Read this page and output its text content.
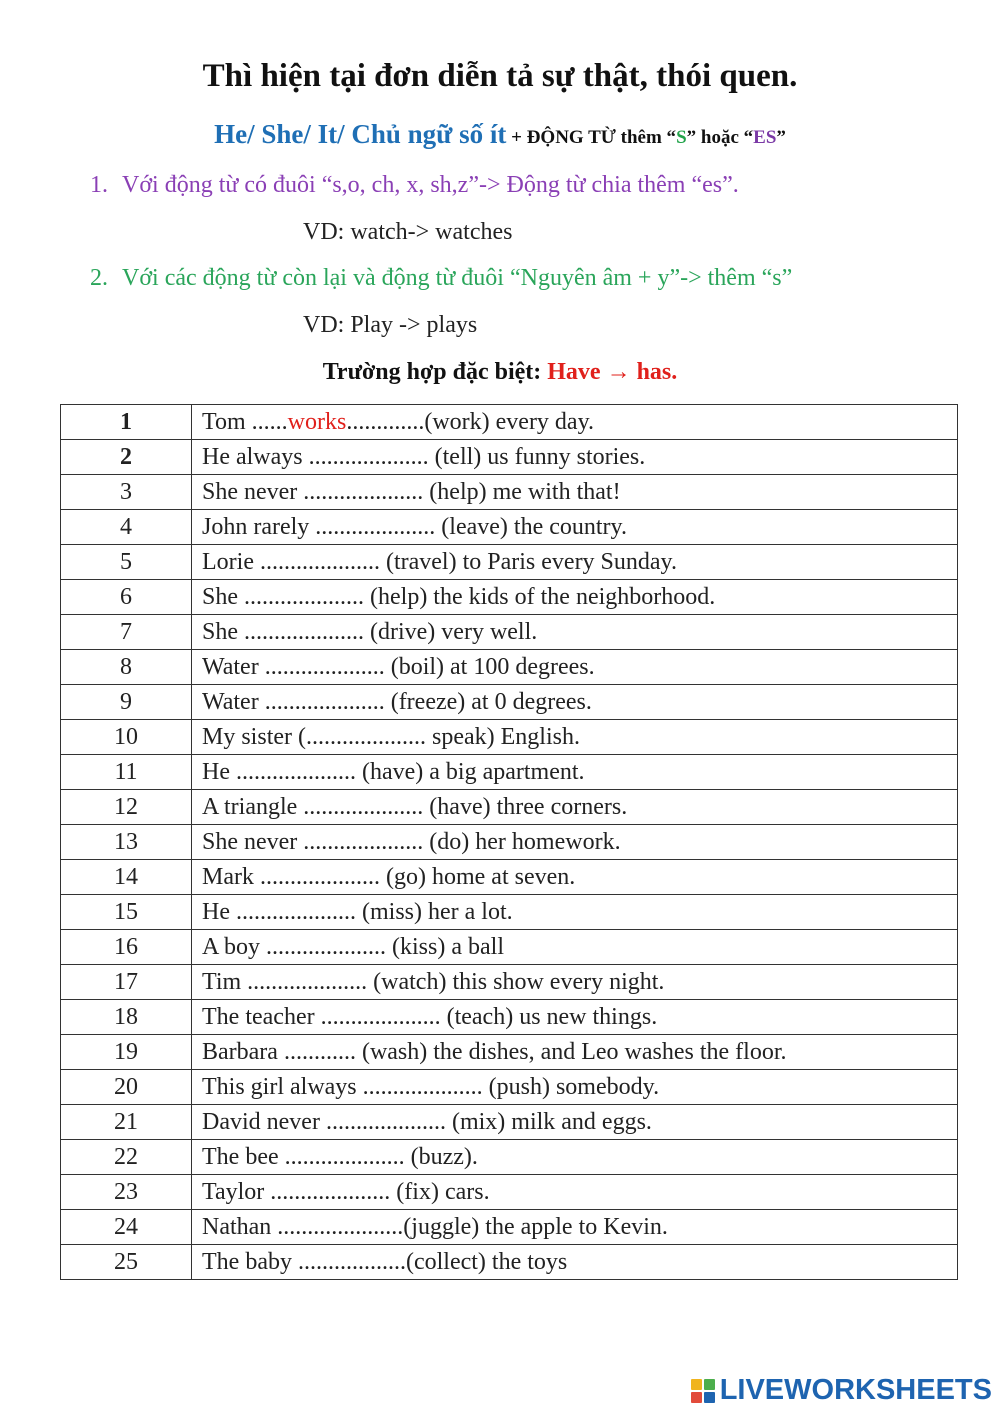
Thì hiện tại đơn diễn tả sự thật, thói quen.
He/ She/ It/ Chủ ngữ số ít + ĐỘNG TỪ thêm “S” hoặc “ES”
1. Với động từ có đuôi “s,o, ch, x, sh,z”-> Động từ chia thêm “es”.
VD: watch-> watches
2. Với các động từ còn lại và động từ đuôi “Nguyên âm + y”-> thêm “s”
VD: Play -> plays
Trường hợp đặc biệt: Have → has.
1	Tom ......works.............(work) every day.
2	He always .................... (tell) us funny stories.
3	She never .................... (help) me with that!
4	John rarely .................... (leave) the country.
5	Lorie .................... (travel) to Paris every Sunday.
6	She .................... (help) the kids of the neighborhood.
7	She .................... (drive) very well.
8	Water .................... (boil) at 100 degrees.
9	Water .................... (freeze) at 0 degrees.
10	My sister (.................... speak) English.
11	He .................... (have) a big apartment.
12	A triangle .................... (have) three corners.
13	She never .................... (do) her homework.
14	Mark .................... (go) home at seven.
15	He .................... (miss) her a lot.
16	A boy .................... (kiss) a ball
17	Tim .................... (watch) this show every night.
18	The teacher .................... (teach) us new things.
19	Barbara ............ (wash) the dishes, and Leo washes the floor.
20	This girl always .................... (push) somebody.
21	David never .................... (mix) milk and eggs.
22	The bee .................... (buzz).
23	Taylor .................... (fix) cars.
24	Nathan .....................(juggle) the apple to Kevin.
25	The baby ..................(collect) the toys
LIVEWORKSHEETS
